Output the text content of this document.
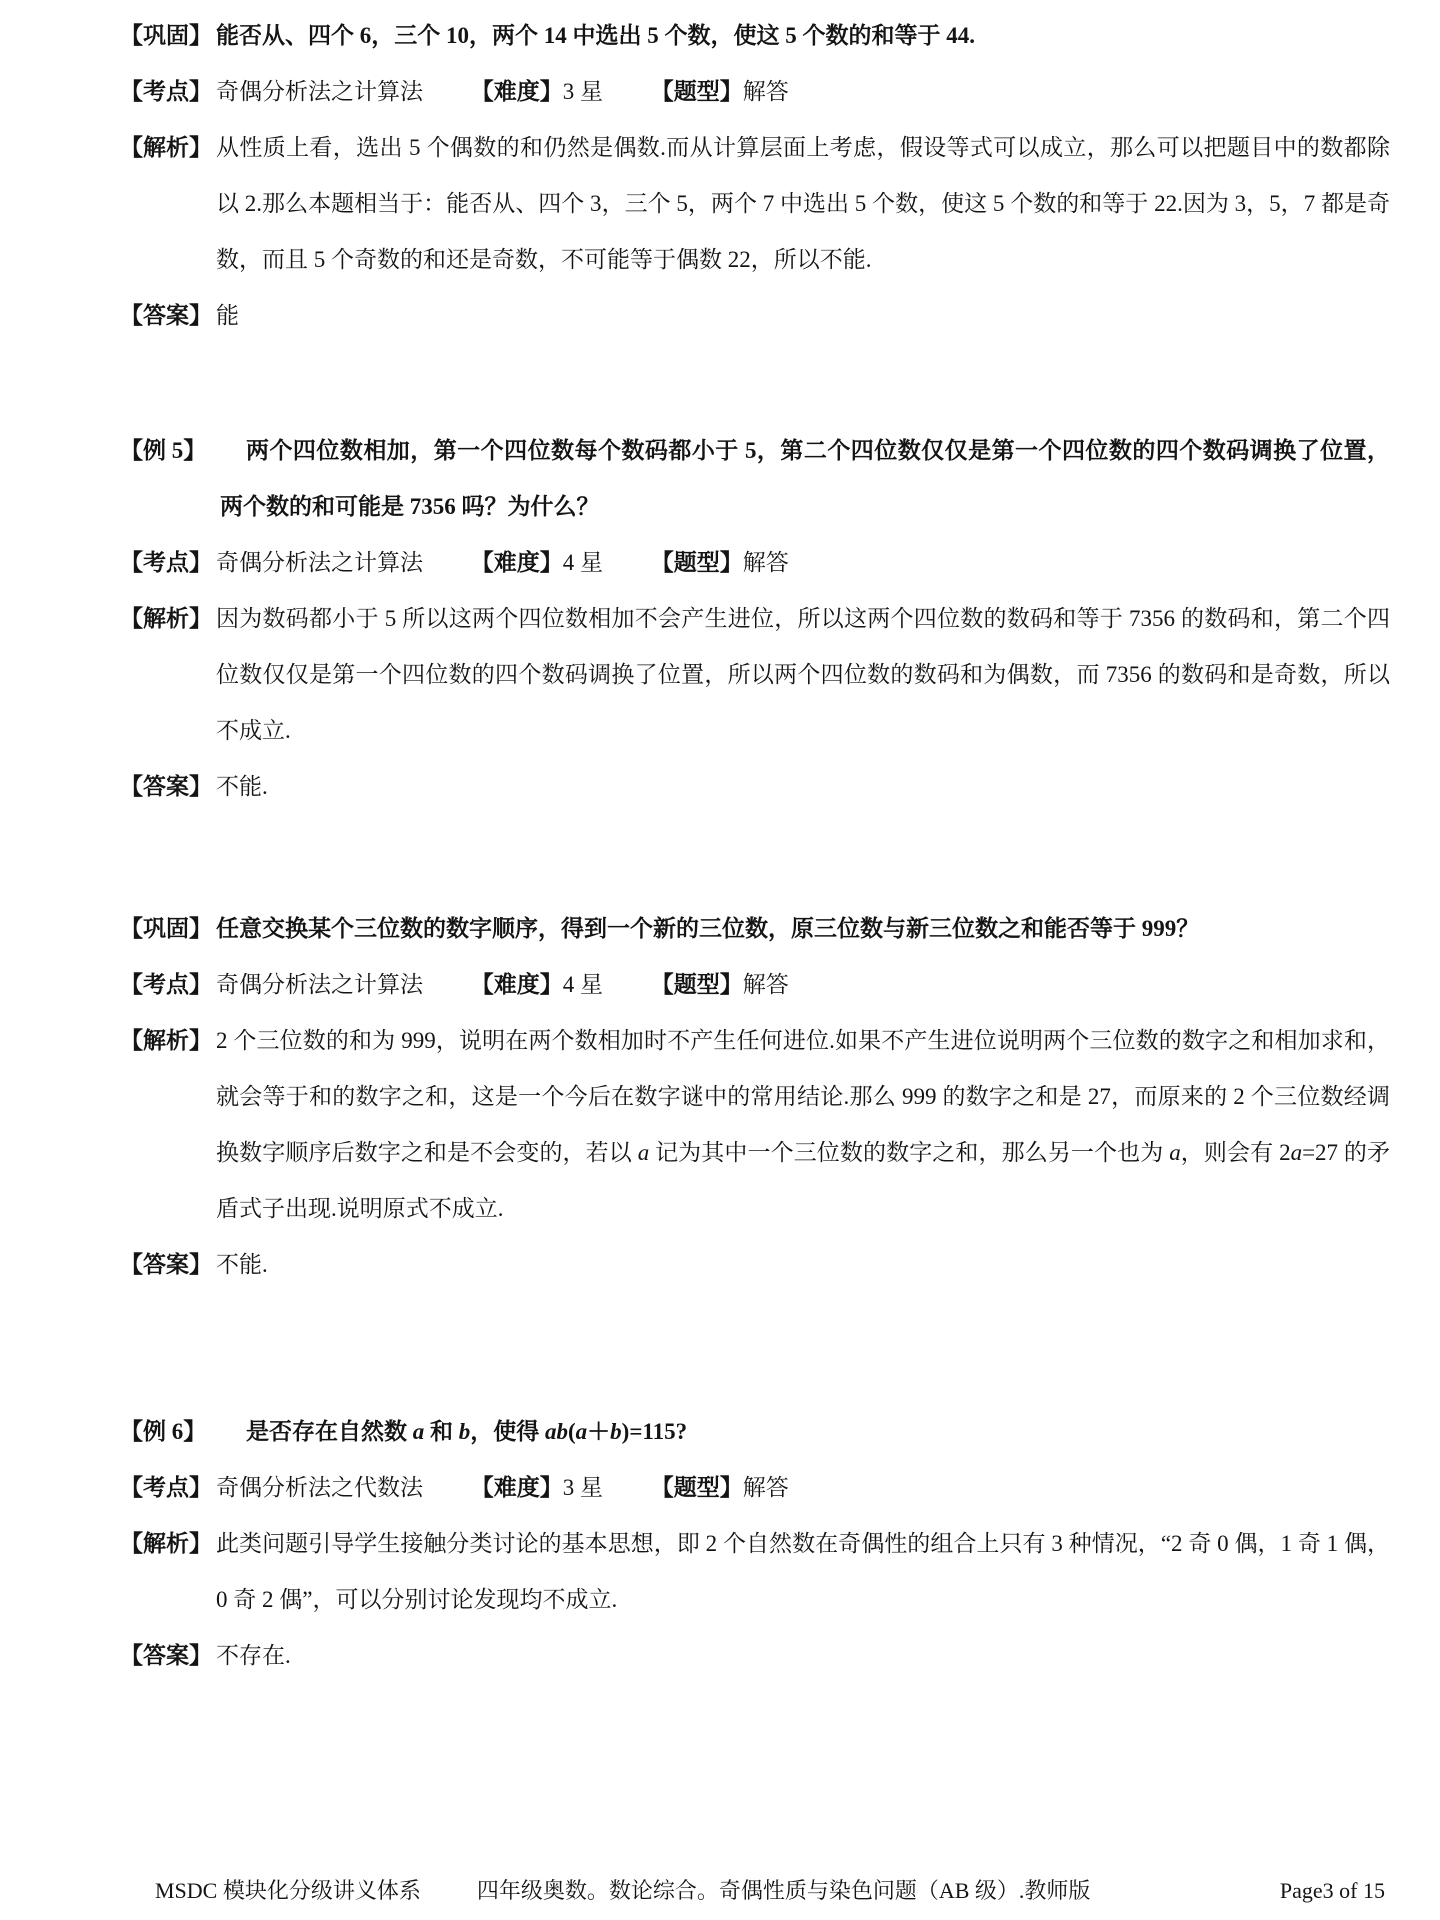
【巩固】 能否从、四个 6，三个 10，两个 14 中选出 5 个数，使这 5 个数的和等于 44.
【考点】 奇偶分析法之计算法 【难度】3 星 【题型】解答
【解析】 从性质上看，选出 5 个偶数的和仍然是偶数.而从计算层面上考虑，假设等式可以成立，那么可以把题目中的数都除以 2.那么本题相当于：能否从、四个 3，三个 5，两个 7 中选出 5 个数，使这 5 个数的和等于 22.因为 3，5，7 都是奇数，而且 5 个奇数的和还是奇数，不可能等于偶数 22，所以不能.
【答案】 能
【例 5】	两个四位数相加，第一个四位数每个数码都小于 5，第二个四位数仅仅是第一个四位数的四个数码调换了位置，两个数的和可能是 7356 吗？为什么？
【考点】 奇偶分析法之计算法 【难度】4 星 【题型】解答
【解析】 因为数码都小于 5 所以这两个四位数相加不会产生进位，所以这两个四位数的数码和等于 7356 的数码和，第二个四位数仅仅是第一个四位数的四个数码调换了位置，所以两个四位数的数码和为偶数，而 7356 的数码和是奇数，所以不成立.
【答案】 不能.
【巩固】 任意交换某个三位数的数字顺序，得到一个新的三位数，原三位数与新三位数之和能否等于 999？
【考点】 奇偶分析法之计算法 【难度】4 星 【题型】解答
【解析】 2 个三位数的和为 999，说明在两个数相加时不产生任何进位.如果不产生进位说明两个三位数的数字之和相加求和，就会等于和的数字之和，这是一个今后在数字谜中的常用结论.那么 999 的数字之和是 27，而原来的 2 个三位数经调换数字顺序后数字之和是不会变的，若以 a 记为其中一个三位数的数字之和，那么另一个也为 a，则会有 2a=27 的矛盾式子出现.说明原式不成立.
【答案】 不能.
【例 6】	是否存在自然数 a 和 b，使得 ab(a＋b)=115?
【考点】 奇偶分析法之代数法 【难度】3 星 【题型】解答
【解析】 此类问题引导学生接触分类讨论的基本思想，即 2 个自然数在奇偶性的组合上只有 3 种情况，“2 奇 0 偶，1 奇 1 偶，0 奇 2 偶”，可以分别讨论发现均不成立.
【答案】 不存在.
MSDC 模块化分级讲义体系	四年级奥数。数论综合。奇偶性质与染色问题（AB 级）.教师版	Page3 of 15
